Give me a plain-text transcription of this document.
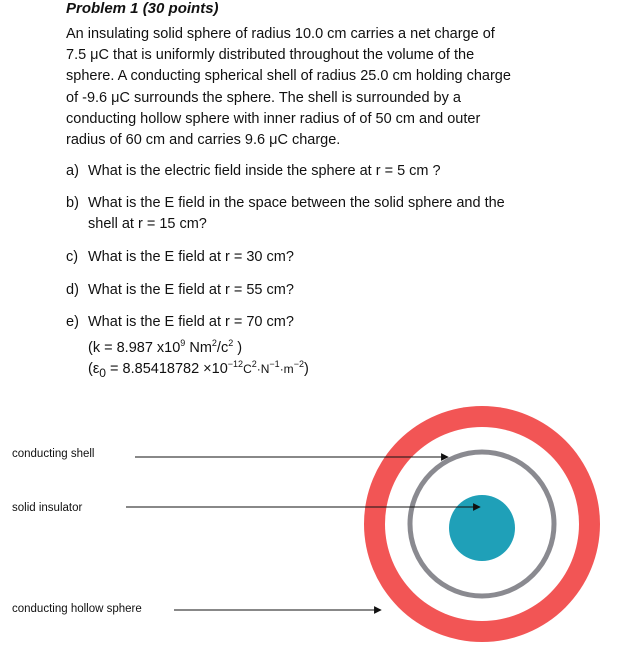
Problem 1 (30 points)
An insulating solid sphere of radius 10.0 cm carries a net charge of
7.5 μC that is uniformly distributed throughout the volume of the
sphere. A conducting spherical shell of radius 25.0 cm holding charge
of -9.6 μC surrounds the sphere. The shell is surrounded by a
conducting hollow sphere with inner radius of of 50 cm and outer
radius of 60 cm and carries 9.6 μC charge.
a) What is the electric field inside the sphere at r = 5 cm ?
b) What is the E field in the space between the solid sphere and the
shell at r = 15 cm?
c) What is the E field at r = 30 cm?
d) What is the E field at r = 55 cm?
e) What is the E field at r = 70 cm?
(k = 8.987 $x10^9$ $Nm^2/c^2$ )
$(\varepsilon_0 = 8.85418782 \times 10^{-12}C^2\cdot N^{-1}\cdot m^{-2})$
conducting shell
solid insulator
conducting hollow sphere
